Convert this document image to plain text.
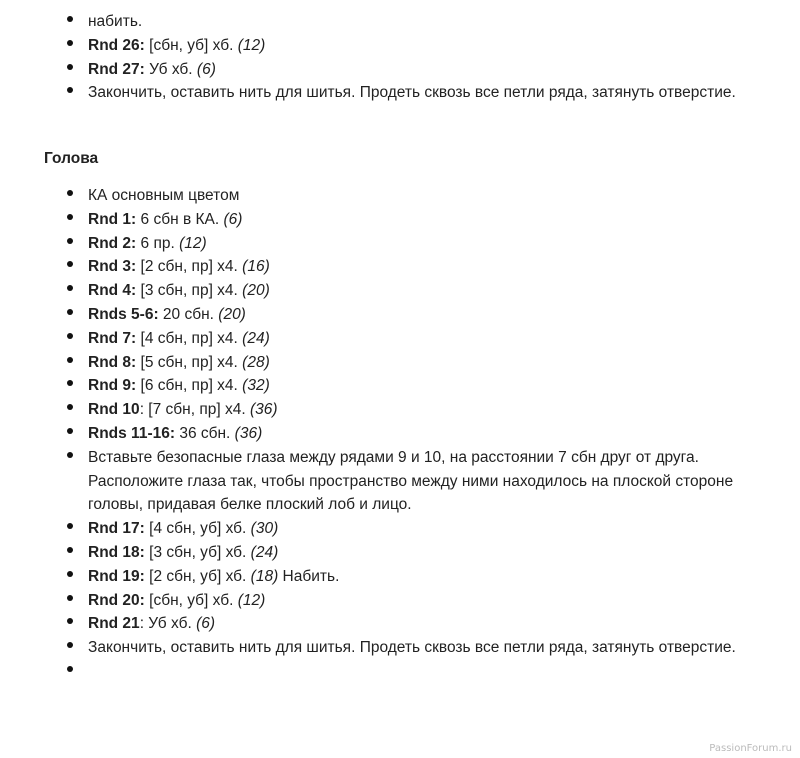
набить.
Rnd 26: [сбн, уб] хб. (12)
Rnd 27: Уб хб. (6)
Закончить, оставить нить для шитья. Продеть сквозь все петли ряда, затянуть отверстие.
Голова
КА основным цветом
Rnd 1: 6 сбн в КА. (6)
Rnd 2: 6 пр. (12)
Rnd 3: [2 сбн, пр] х4. (16)
Rnd 4: [3 сбн, пр] х4. (20)
Rnds 5-6: 20 сбн. (20)
Rnd 7: [4 сбн, пр] х4. (24)
Rnd 8: [5 сбн, пр] х4. (28)
Rnd 9: [6 сбн, пр] х4. (32)
Rnd 10: [7 сбн, пр] х4. (36)
Rnds 11-16: 36 сбн. (36)
Вставьте безопасные глаза между рядами 9 и 10, на расстоянии 7 сбн друг от друга. Расположите глаза так, чтобы пространство между ними находилось на плоской стороне головы, придавая белке плоский лоб и лицо.
Rnd 17: [4 сбн, уб] хб. (30)
Rnd 18: [3 сбн, уб] хб. (24)
Rnd 19: [2 сбн, уб] хб. (18) Набить.
Rnd 20: [сбн, уб] хб. (12)
Rnd 21: Уб хб. (6)
Закончить, оставить нить для шитья. Продеть сквозь все петли ряда, затянуть отверстие.

PassionForum.ru
